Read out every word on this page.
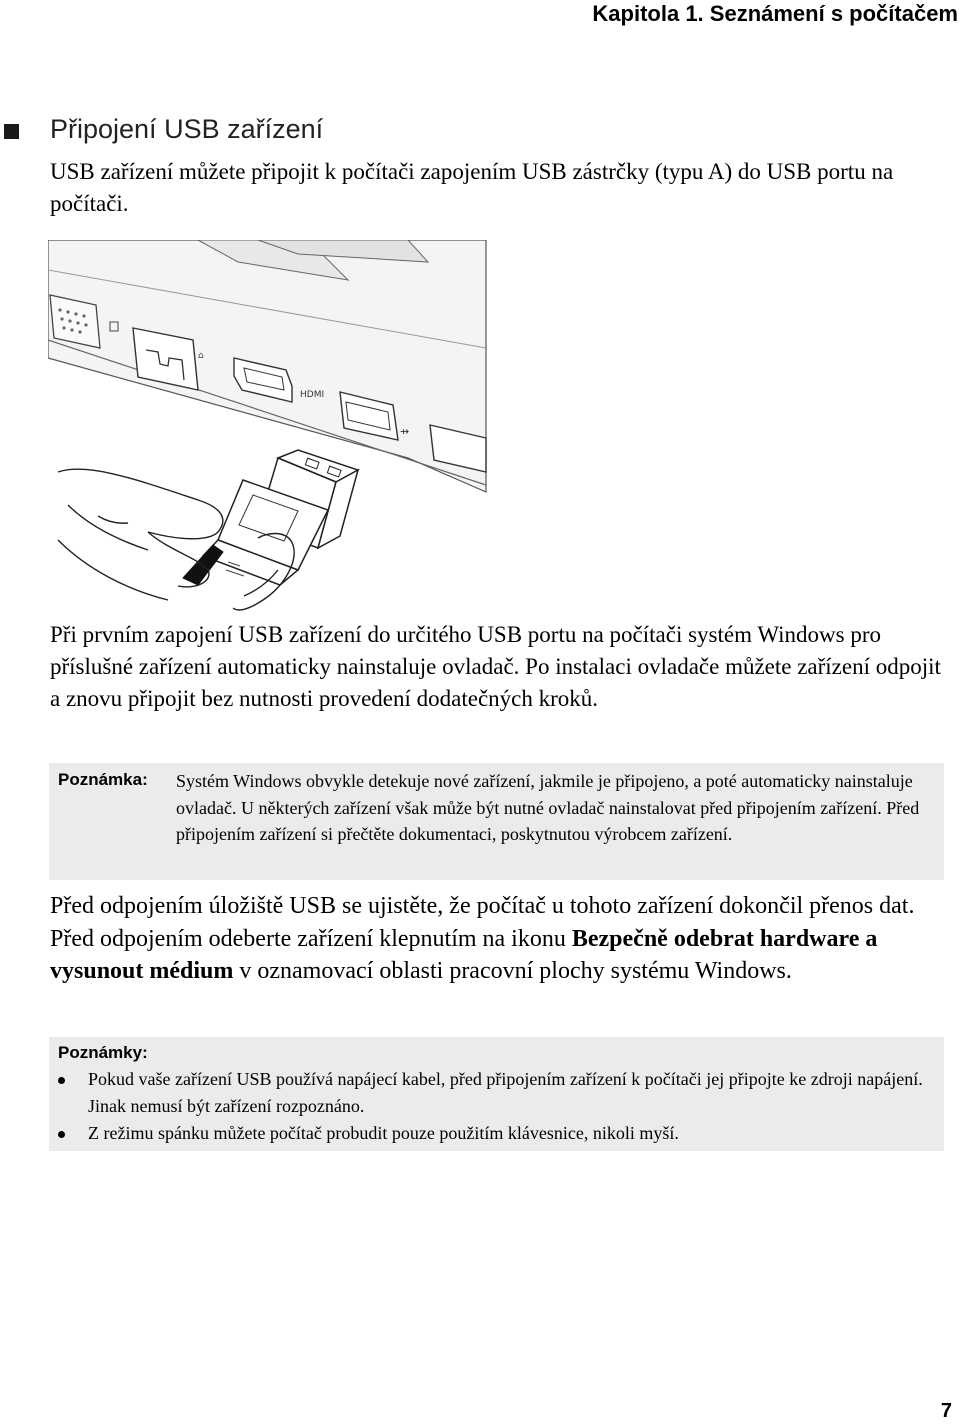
Kapitola 1. Seznámení s počítačem
Připojení USB zařízení
USB zařízení můžete připojit k počítači zapojením USB zástrčky (typu A) do USB portu na počítači.
⌂
HDMI
⇸
Při prvním zapojení USB zařízení do určitého USB portu na počítači systém Windows pro příslušné zařízení automaticky nainstaluje ovladač. Po instalaci ovladače můžete zařízení odpojit a znovu připojit bez nutnosti provedení dodatečných kroků.
Poznámka: Systém Windows obvykle detekuje nové zařízení, jakmile je připojeno, a poté automaticky nainstaluje ovladač. U některých zařízení však může být nutné ovladač nainstalovat před připojením zařízení. Před připojením zařízení si přečtěte dokumentaci, poskytnutou výrobcem zařízení.
Před odpojením úložiště USB se ujistěte, že počítač u tohoto zařízení dokončil přenos dat. Před odpojením odeberte zařízení klepnutím na ikonu Bezpečně odebrat hardware a vysunout médium v oznamovací oblasti pracovní plochy systému Windows.
Poznámky:
Pokud vaše zařízení USB používá napájecí kabel, před připojením zařízení k počítači jej připojte ke zdroji napájení. Jinak nemusí být zařízení rozpoznáno.
Z režimu spánku můžete počítač probudit pouze použitím klávesnice, nikoli myší.
7
